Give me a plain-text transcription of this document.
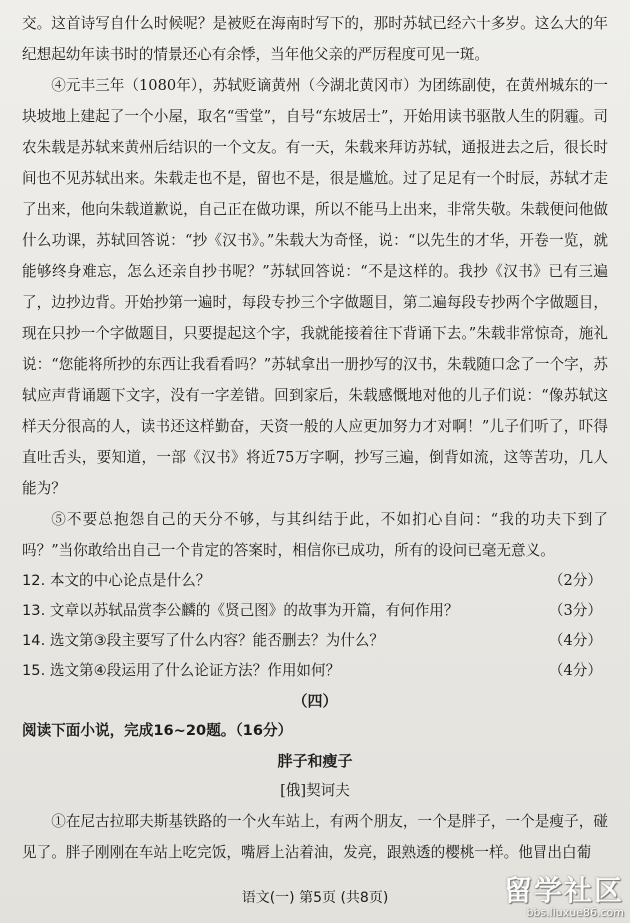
交。这首诗写自什么时候呢？是被贬在海南时写下的，那时苏轼已经六十多岁。这么大的年纪想起幼年读书时的情景还心有余悸，当年他父亲的严厉程度可见一斑。

④元丰三年（1080年），苏轼贬谪黄州（今湖北黄冈市）为团练副使，在黄州城东的一块坡地上建起了一个小屋，取名“雪堂”，自号“东坡居士”，开始用读书驱散人生的阴霾。司农朱载是苏轼来黄州后结识的一个文友。有一天，朱载来拜访苏轼，通报进去之后，很长时间也不见苏轼出来。朱载走也不是，留也不是，很是尴尬。过了足足有一个时辰，苏轼才走了出来，他向朱载道歉说，自己正在做功课，所以不能马上出来，非常失敬。朱载便问他做什么功课，苏轼回答说：“抄《汉书》。”朱载大为奇怪，说：“以先生的才华，开卷一览，就能够终身难忘，怎么还亲自抄书呢？”苏轼回答说：“不是这样的。我抄《汉书》已有三遍了，边抄边背。开始抄第一遍时，每段专抄三个字做题目，第二遍每段专抄两个字做题目，现在只抄一个字做题目，只要提起这个字，我就能接着往下背诵下去。”朱载非常惊奇，施礼说：“您能将所抄的东西让我看看吗？”苏轼拿出一册抄写的汉书，朱载随口念了一个字，苏轼应声背诵题下文字，没有一字差错。回到家后，朱载感慨地对他的儿子们说：“像苏轼这样天分很高的人，读书还这样勤奋，天资一般的人应更加努力才对啊！”儿子们听了，吓得直吐舌头，要知道，一部《汉书》将近75万字啊，抄写三遍，倒背如流，这等苦功，几人能为？

⑤不要总抱怨自己的天分不够，与其纠结于此，不如扪心自问：“我的功夫下到了吗？”当你敢给出自己一个肯定的答案时，相信你已成功，所有的设问已毫无意义。

12. 本文的中心论点是什么？	（2分）
13. 文章以苏轼品赏李公麟的《贤己图》的故事为开篇，有何作用？	（3分）
14. 选文第③段主要写了什么内容？能否删去？为什么？	（4分）
15. 选文第④段运用了什么论证方法？作用如何？	（4分）
（四）
阅读下面小说，完成16~20题。（16分）
胖子和瘦子
[俄]契诃夫

①在尼古拉耶夫斯基铁路的一个火车站上，有两个朋友，一个是胖子，一个是瘦子，碰见了。胖子刚刚在车站上吃完饭，嘴唇上沾着油，发亮，跟熟透的樱桃一样。他冒出白葡

语文(一) 第5页 (共8页)	留学社区
bbs.liuxue86.com
